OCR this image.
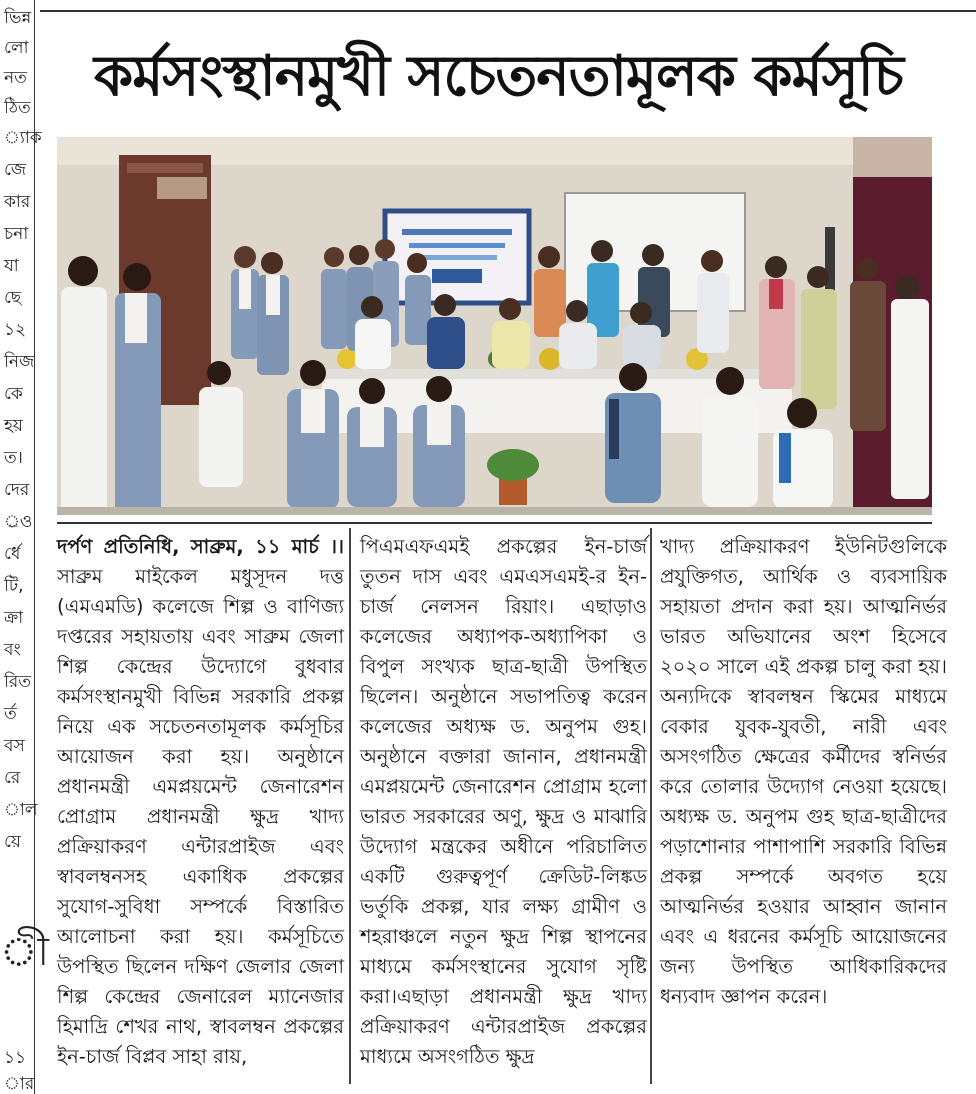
ভিন্ন
লো
নত
ঠিত
্যাক
জে
কার
চনা
যা
ছে
১২
নিজ
কে
হয়
ত।
দের
্রও
র্ধে
টি,
ক্রা
বং
রিত
র্ত
বস
রে
াল
য়ে
ী
১১
ার
কর্মসংস্থানমুখী সচেতনতামূলক কর্মসূচি

দর্পণ প্রতিনিধি, সাব্রুম, ১১ মার্চ ।। সাব্রুম মাইকেল মধুসূদন দত্ত (এমএমডি) কলেজে শিল্প ও বাণিজ্য দপ্তরের সহায়তায় এবং সাব্রুম জেলা শিল্প কেন্দ্রের উদ্যোগে বুধবার কর্মসংস্থানমুখী বিভিন্ন সরকারি প্রকল্প নিয়ে এক সচেতনতামূলক কর্মসূচির আয়োজন করা হয়। অনুষ্ঠানে প্রধানমন্ত্রী এমপ্লয়মেন্ট জেনারেশন প্রোগ্রাম প্রধানমন্ত্রী ক্ষুদ্র খাদ্য প্রক্রিয়াকরণ এন্টারপ্রাইজ এবং স্বাবলম্বনসহ একাধিক প্রকল্পের সুযোগ-সুবিধা সম্পর্কে বিস্তারিত আলোচনা করা হয়। কর্মসূচিতে উপস্থিত ছিলেন দক্ষিণ জেলার জেলা শিল্প কেন্দ্রের জেনারেল ম্যানেজার হিমাদ্রি শেখর নাথ, স্বাবলম্বন প্রকল্পের ইন-চার্জ বিপ্লব সাহা রায়,

পিএমএফএমই প্রকল্পের ইন-চার্জ তুতন দাস এবং এমএসএমই-র ইন-চার্জ নেলসন রিয়াং। এছাড়াও কলেজের অধ্যাপক-অধ্যাপিকা ও বিপুল সংখ্যক ছাত্র-ছাত্রী উপস্থিত ছিলেন। অনুষ্ঠানে সভাপতিত্ব করেন কলেজের অধ্যক্ষ ড. অনুপম গুহ।অনুষ্ঠানে বক্তারা জানান, প্রধানমন্ত্রী এমপ্লয়মেন্ট জেনারেশন প্রোগ্রাম হলো ভারত সরকারের অণু, ক্ষুদ্র ও মাঝারি উদ্যোগ মন্ত্রকের অধীনে পরিচালিত একটি গুরুত্বপূর্ণ ক্রেডিট-লিঙ্কড ভর্তুকি প্রকল্প, যার লক্ষ্য গ্রামীণ ও শহরাঞ্চলে নতুন ক্ষুদ্র শিল্প স্থাপনের মাধ্যমে কর্মসংস্থানের সুযোগ সৃষ্টি করা।এছাড়া প্রধানমন্ত্রী ক্ষুদ্র খাদ্য প্রক্রিয়াকরণ এন্টারপ্রাইজ প্রকল্পের মাধ্যমে অসংগঠিত ক্ষুদ্র

খাদ্য প্রক্রিয়াকরণ ইউনিটগুলিকে প্রযুক্তিগত, আর্থিক ও ব্যবসায়িক সহায়তা প্রদান করা হয়। আত্মনির্ভর ভারত অভিযানের অংশ হিসেবে ২০২০ সালে এই প্রকল্প চালু করা হয়।অন্যদিকে স্বাবলম্বন স্কিমের মাধ্যমে বেকার যুবক-যুবতী, নারী এবং অসংগঠিত ক্ষেত্রের কর্মীদের স্বনির্ভর করে তোলার উদ্যোগ নেওয়া হয়েছে। অধ্যক্ষ ড. অনুপম গুহ ছাত্র-ছাত্রীদের পড়াশোনার পাশাপাশি সরকারি বিভিন্ন প্রকল্প সম্পর্কে অবগত হয়ে আত্মনির্ভর হওয়ার আহ্বান জানান এবং এ ধরনের কর্মসূচি আয়োজনের জন্য উপস্থিত আধিকারিকদের ধন্যবাদ জ্ঞাপন করেন।
